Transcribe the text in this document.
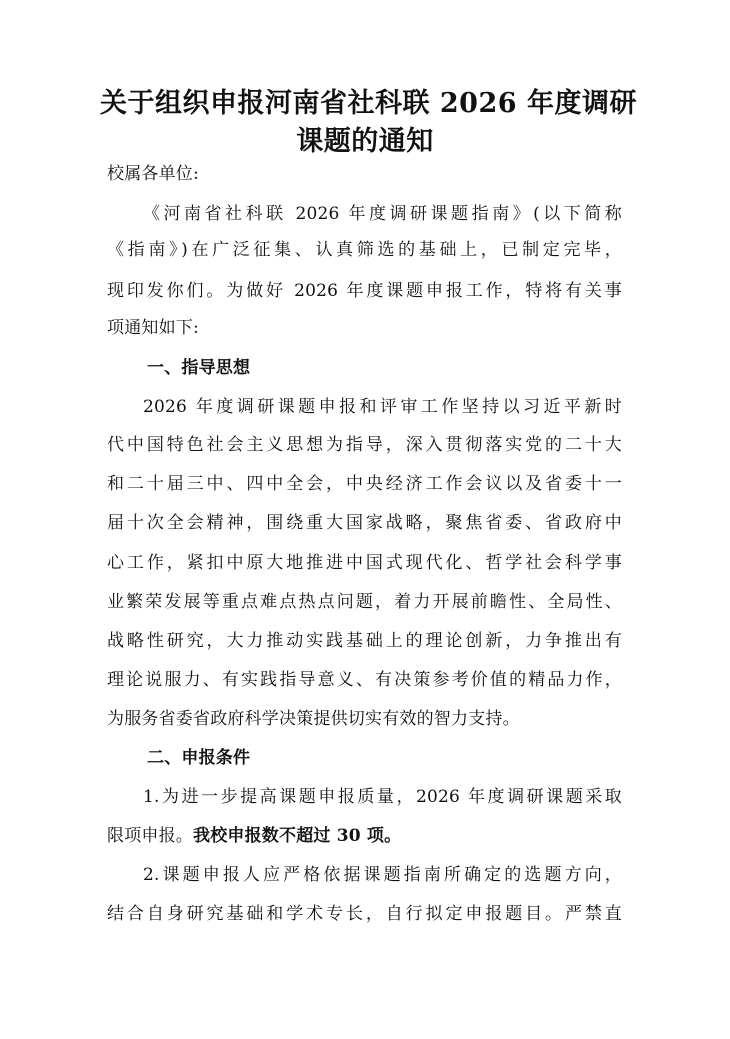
关于组织申报河南省社科联 2026 年度调研
课题的通知
校属各单位:
《河南省社科联 2026 年度调研课题指南》(以下简称
《指南》)在广泛征集、认真筛选的基础上，已制定完毕，
现印发你们。为做好 2026 年度课题申报工作，特将有关事
项通知如下:
一、指导思想
2026 年度调研课题申报和评审工作坚持以习近平新时
代中国特色社会主义思想为指导，深入贯彻落实党的二十大
和二十届三中、四中全会，中央经济工作会议以及省委十一
届十次全会精神，围绕重大国家战略，聚焦省委、省政府中
心工作，紧扣中原大地推进中国式现代化、哲学社会科学事
业繁荣发展等重点难点热点问题，着力开展前瞻性、全局性、
战略性研究，大力推动实践基础上的理论创新，力争推出有
理论说服力、有实践指导意义、有决策参考价值的精品力作，
为服务省委省政府科学决策提供切实有效的智力支持。
二、申报条件
1.为进一步提高课题申报质量，2026 年度调研课题采取
限项申报。我校申报数不超过 30 项。
2.课题申报人应严格依据课题指南所确定的选题方向，
结合自身研究基础和学术专长，自行拟定申报题目。严禁直
